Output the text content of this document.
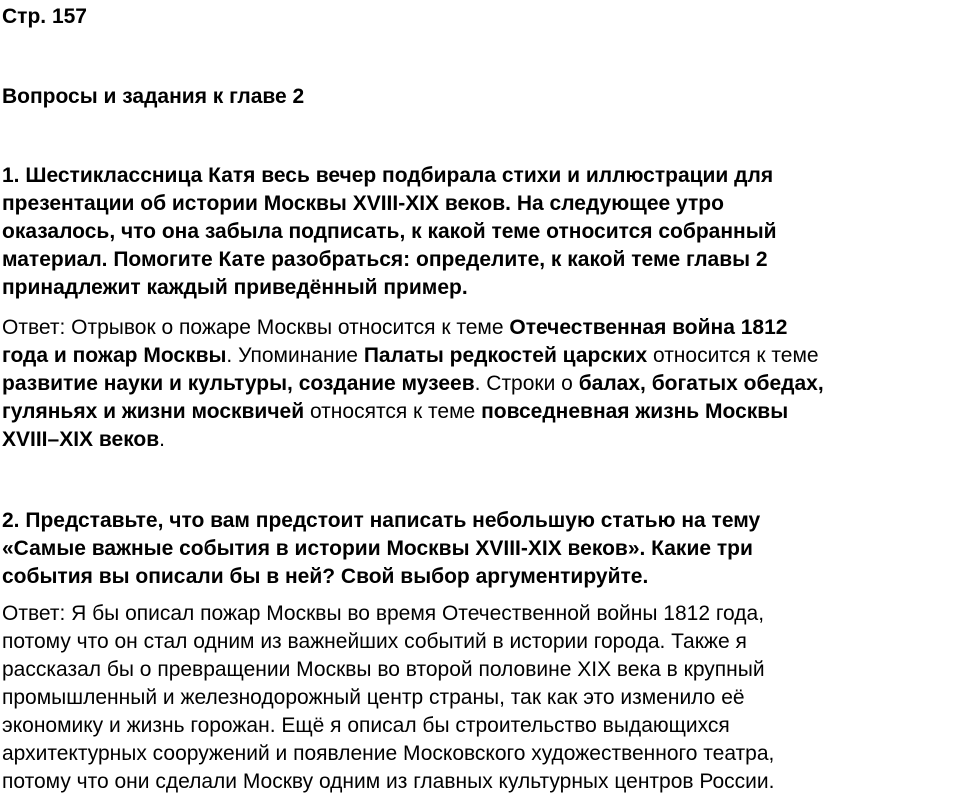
Стр. 157
Вопросы и задания к главе 2
1. Шестиклассница Катя весь вечер подбирала стихи и иллюстрации для
презентации об истории Москвы XVIII-XIX веков. На следующее утро
оказалось, что она забыла подписать, к какой теме относится собранный
материал. Помогите Кате разобраться: определите, к какой теме главы 2
принадлежит каждый приведённый пример.
Ответ: Отрывок о пожаре Москвы относится к теме Отечественная война 1812
года и пожар Москвы. Упоминание Палаты редкостей царских относится к теме
развитие науки и культуры, создание музеев. Строки о балах, богатых обедах,
гуляньях и жизни москвичей относятся к теме повседневная жизнь Москвы
XVIII–XIX веков.
2. Представьте, что вам предстоит написать небольшую статью на тему
«Самые важные события в истории Москвы XVIII-XIX веков». Какие три
события вы описали бы в ней? Свой выбор аргументируйте.
Ответ: Я бы описал пожар Москвы во время Отечественной войны 1812 года,
потому что он стал одним из важнейших событий в истории города. Также я
рассказал бы о превращении Москвы во второй половине XIX века в крупный
промышленный и железнодорожный центр страны, так как это изменило её
экономику и жизнь горожан. Ещё я описал бы строительство выдающихся
архитектурных сооружений и появление Московского художественного театра,
потому что они сделали Москву одним из главных культурных центров России.
